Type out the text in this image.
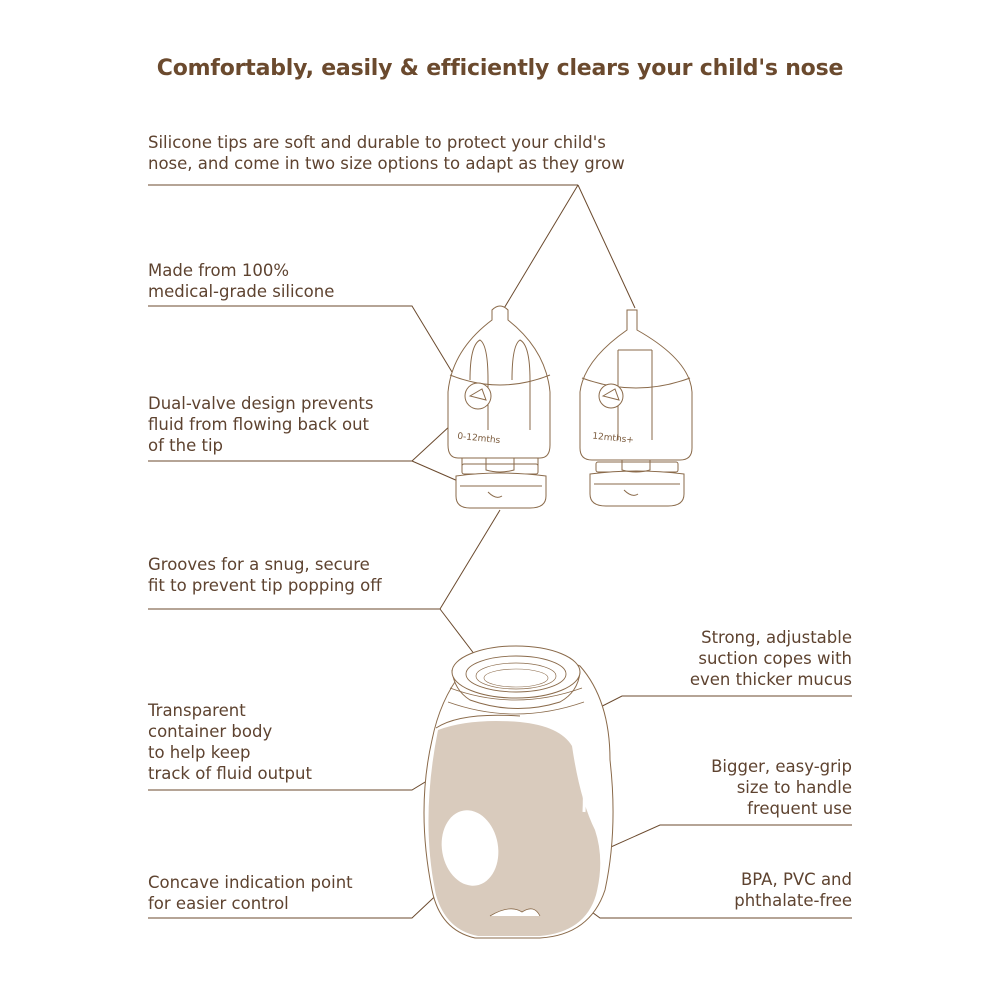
Comfortably, easily & efficiently clears your child's nose
Silicone tips are soft and durable to protect your child's
nose, and come in two size options to adapt as they grow
Made from 100%
medical-grade silicone
Dual-valve design prevents
fluid from flowing back out
of the tip
Grooves for a snug, secure
fit to prevent tip popping off
Transparent
container body
to help keep
track of fluid output
Concave indication point
for easier control
Strong, adjustable
suction copes with
even thicker mucus
Bigger, easy-grip
size to handle
frequent use
BPA, PVC and
phthalate-free
0-12mths	12mths+
